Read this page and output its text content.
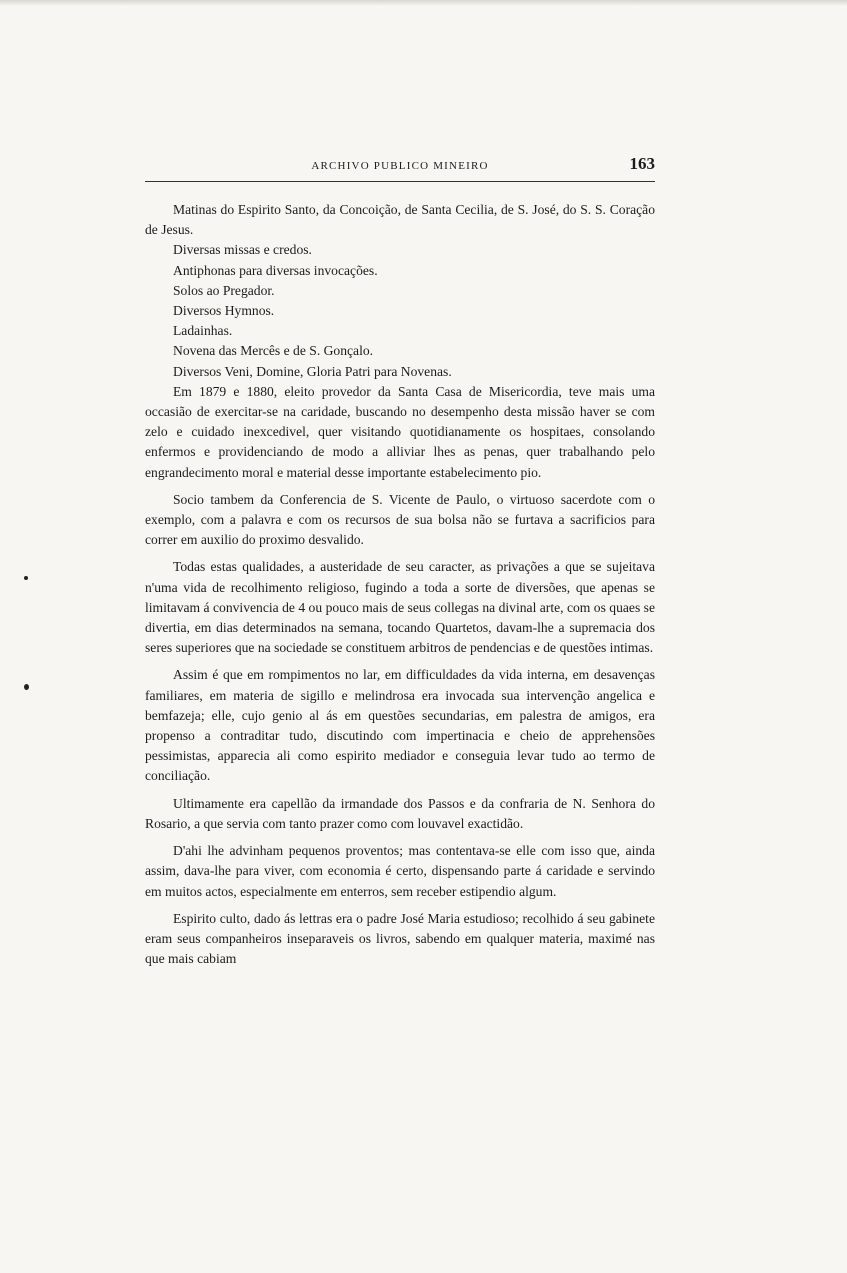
ARCHIVO PUBLICO MINEIRO	163

Matinas do Espirito Santo, da Concoição, de Santa Cecilia, de S. José, do S. S. Coração de Jesus.

Diversas missas e credos.

Antiphonas para diversas invocações.

Solos ao Pregador.

Diversos Hymnos.

Ladainhas.

Novena das Mercês e de S. Gonçalo.

Diversos Veni, Domine, Gloria Patri para Novenas.

Em 1879 e 1880, eleito provedor da Santa Casa de Misericordia, teve mais uma occasião de exercitar-se na caridade, buscando no desempenho desta missão haver se com zelo e cuidado inexcedivel, quer visitando quotidianamente os hospitaes, consolando enfermos e providenciando de modo a alliviar lhes as penas, quer trabalhando pelo engrandecimento moral e material desse importante estabelecimento pio.

Socio tambem da Conferencia de S. Vicente de Paulo, o virtuoso sacerdote com o exemplo, com a palavra e com os recursos de sua bolsa não se furtava a sacrificios para correr em auxilio do proximo desvalido.

Todas estas qualidades, a austeridade de seu caracter, as privações a que se sujeitava n'uma vida de recolhimento religioso, fugindo a toda a sorte de diversões, que apenas se limitavam á convivencia de 4 ou pouco mais de seus collegas na divinal arte, com os quaes se divertia, em dias determinados na semana, tocando Quartetos, davam-lhe a supremacia dos seres superiores que na sociedade se constituem arbitros de pendencias e de questões intimas.

Assim é que em rompimentos no lar, em difficuldades da vida interna, em desavenças familiares, em materia de sigillo e melindrosa era invocada sua intervenção angelica e bemfazeja; elle, cujo genio al ás em questões secundarias, em palestra de amigos, era propenso a contraditar tudo, discutindo com impertinacia e cheio de apprehensões pessimistas, apparecia ali como espirito mediador e conseguia levar tudo ao termo de conciliação.

Ultimamente era capellão da irmandade dos Passos e da confraria de N. Senhora do Rosario, a que servia com tanto prazer como com louvavel exactidão.

D'ahi lhe advinham pequenos proventos; mas contentava-se elle com isso que, ainda assim, dava-lhe para viver, com economia é certo, dispensando parte á caridade e servindo em muitos actos, especialmente em enterros, sem receber estipendio algum.

Espirito culto, dado ás lettras era o padre José Maria estudioso; recolhido á seu gabinete eram seus companheiros inseparaveis os livros, sabendo em qualquer materia, maximé nas que mais cabiam
